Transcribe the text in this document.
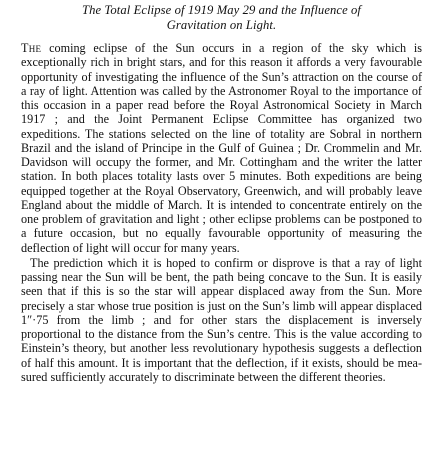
The Total Eclipse of 1919 May 29 and the Influence of
Gravitation on Light.

The coming eclipse of the Sun occurs in a region of the sky which is exceptionally rich in bright stars, and for this reason it affords a very favourable opportunity of investigating the influence of the Sun’s attraction on the course of a ray of light. Attention was called by the Astronomer Royal to the importance of this occasion in a paper read before the Royal Astronomical Society in March 1917 ; and the Joint Permanent Eclipse Committee has organized two expeditions. The stations selected on the line of totality are Sobral in northern Brazil and the island of Principe in the Gulf of Guinea ; Dr. Crommelin and Mr. Davidson will occupy the former, and Mr. Cottingham and the writer the latter station. In both places totality lasts over 5 minutes. Both expeditions are being equipped together at the Royal Observatory, Greenwich, and will probably leave England about the middle of March. It is intended to concentrate entirely on the one problem of gravitation and light ; other eclipse problems can be postponed to a future occasion, but no equally favourable opportunity of measuring the deflection of light will occur for many years.

The prediction which it is hoped to confirm or disprove is that a ray of light passing near the Sun will be bent, the path being concave to the Sun. It is easily seen that if this is so the star will appear displaced away from the Sun. More precisely a star whose true position is just on the Sun’s limb will appear displaced 1″·75 from the limb ; and for other stars the displacement is inversely proportional to the distance from the Sun’s centre. This is the value according to Einstein’s theory, but another less revolutionary hypothesis suggests a deflection of half this amount. It is important that the deflection, if it exists, should be measured sufficiently accurately to discriminate between the different theories.
